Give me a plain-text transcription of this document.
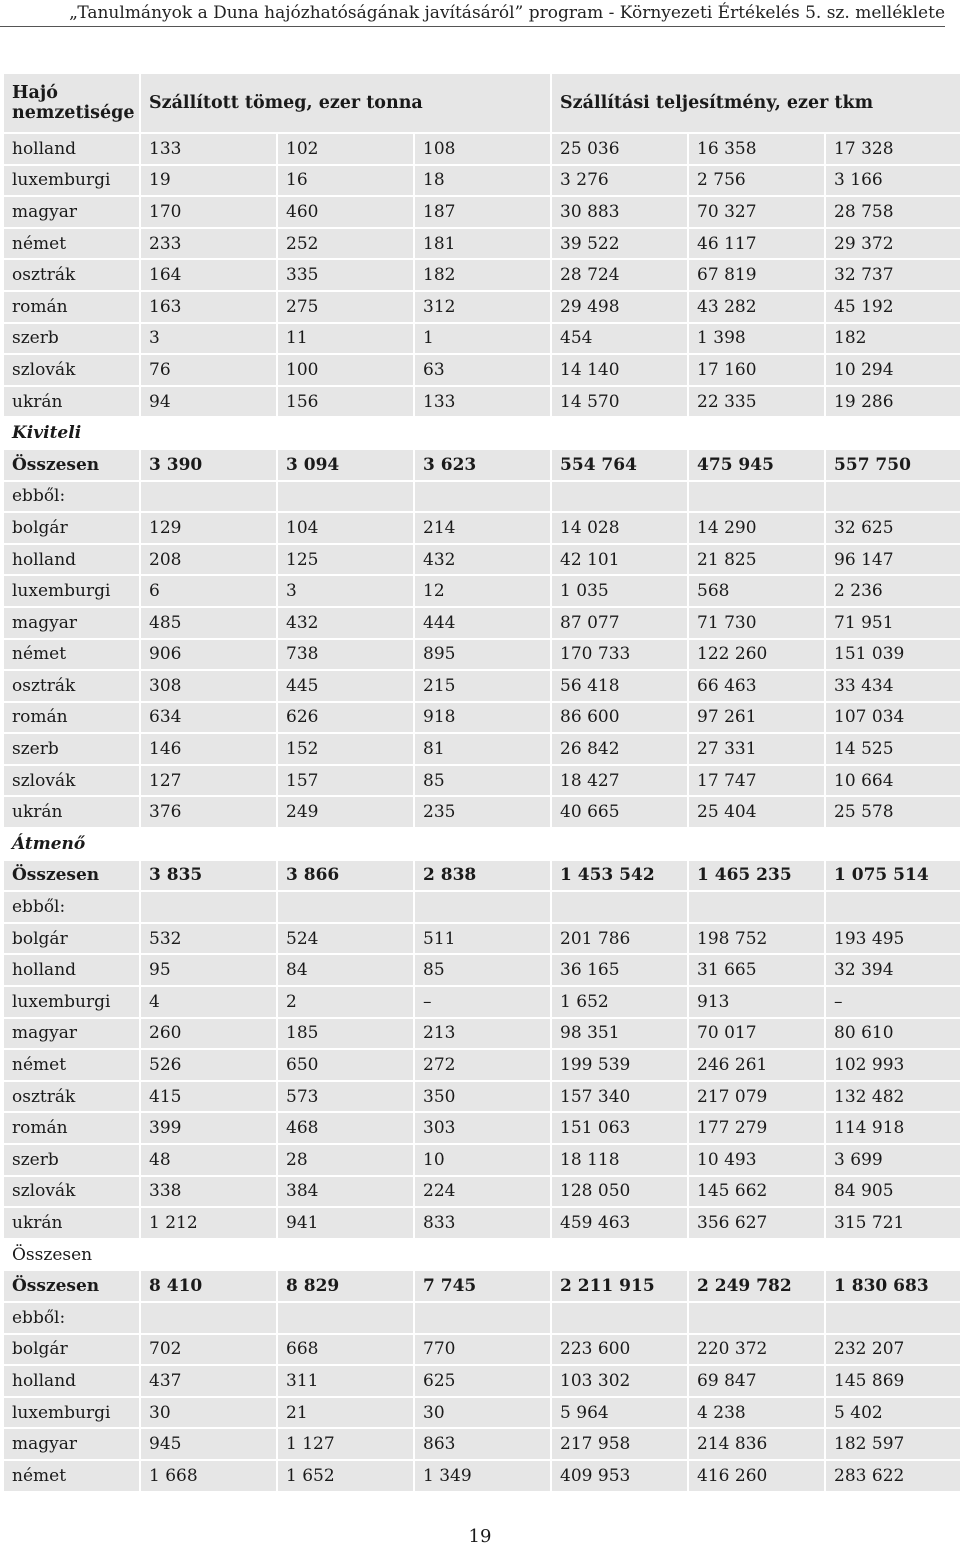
„Tanulmányok a Duna hajózhatóságának javításáról” program - Környezeti Értékelés 5. sz. melléklete
Hajó nemzetisége	Szállított tömeg, ezer tonna			Szállítási teljesítmény, ezer tkm		
holland	133	102	108	25 036	16 358	17 328
luxemburgi	19	16	18	3 276	2 756	3 166
magyar	170	460	187	30 883	70 327	28 758
német	233	252	181	39 522	46 117	29 372
osztrák	164	335	182	28 724	67 819	32 737
román	163	275	312	29 498	43 282	45 192
szerb	3	11	1	454	1 398	182
szlovák	76	100	63	14 140	17 160	10 294
ukrán	94	156	133	14 570	22 335	19 286
Kiviteli						
Összesen	3 390	3 094	3 623	554 764	475 945	557 750
ebből:						
bolgár	129	104	214	14 028	14 290	32 625
holland	208	125	432	42 101	21 825	96 147
luxemburgi	6	3	12	1 035	568	2 236
magyar	485	432	444	87 077	71 730	71 951
német	906	738	895	170 733	122 260	151 039
osztrák	308	445	215	56 418	66 463	33 434
román	634	626	918	86 600	97 261	107 034
szerb	146	152	81	26 842	27 331	14 525
szlovák	127	157	85	18 427	17 747	10 664
ukrán	376	249	235	40 665	25 404	25 578
Átmenő						
Összesen	3 835	3 866	2 838	1 453 542	1 465 235	1 075 514
ebből:						
bolgár	532	524	511	201 786	198 752	193 495
holland	95	84	85	36 165	31 665	32 394
luxemburgi	4	2	–	1 652	913	–
magyar	260	185	213	98 351	70 017	80 610
német	526	650	272	199 539	246 261	102 993
osztrák	415	573	350	157 340	217 079	132 482
román	399	468	303	151 063	177 279	114 918
szerb	48	28	10	18 118	10 493	3 699
szlovák	338	384	224	128 050	145 662	84 905
ukrán	1 212	941	833	459 463	356 627	315 721
Összesen						
Összesen	8 410	8 829	7 745	2 211 915	2 249 782	1 830 683
ebből:						
bolgár	702	668	770	223 600	220 372	232 207
holland	437	311	625	103 302	69 847	145 869
luxemburgi	30	21	30	5 964	4 238	5 402
magyar	945	1 127	863	217 958	214 836	182 597
német	1 668	1 652	1 349	409 953	416 260	283 622
19
